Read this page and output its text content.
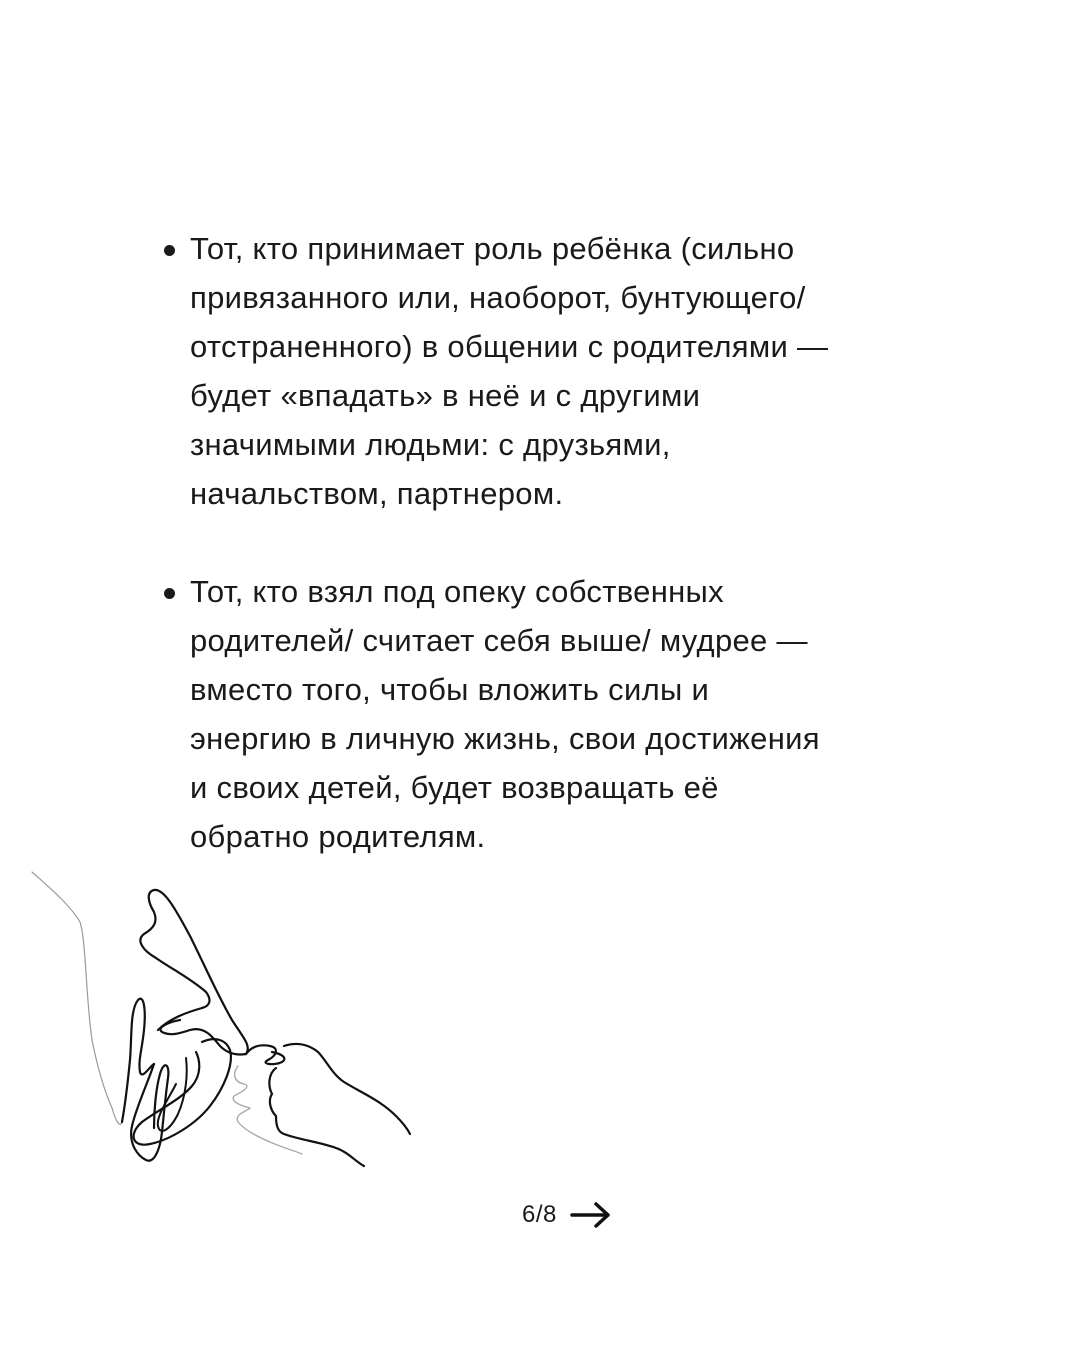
Тот, кто принимает роль ребёнка (сильно
привязанного или, наоборот, бунтующего/
отстраненного) в общении с родителями —
будет «впадать» в неё и с другими
значимыми людьми: с друзьями,
начальством, партнером.
Тот, кто взял под опеку собственных
родителей/ считает себя выше/ мудрее —
вместо того, чтобы вложить силы и
энергию в личную жизнь, свои достижения
и своих детей, будет возвращать её
обратно родителям.
6/8
